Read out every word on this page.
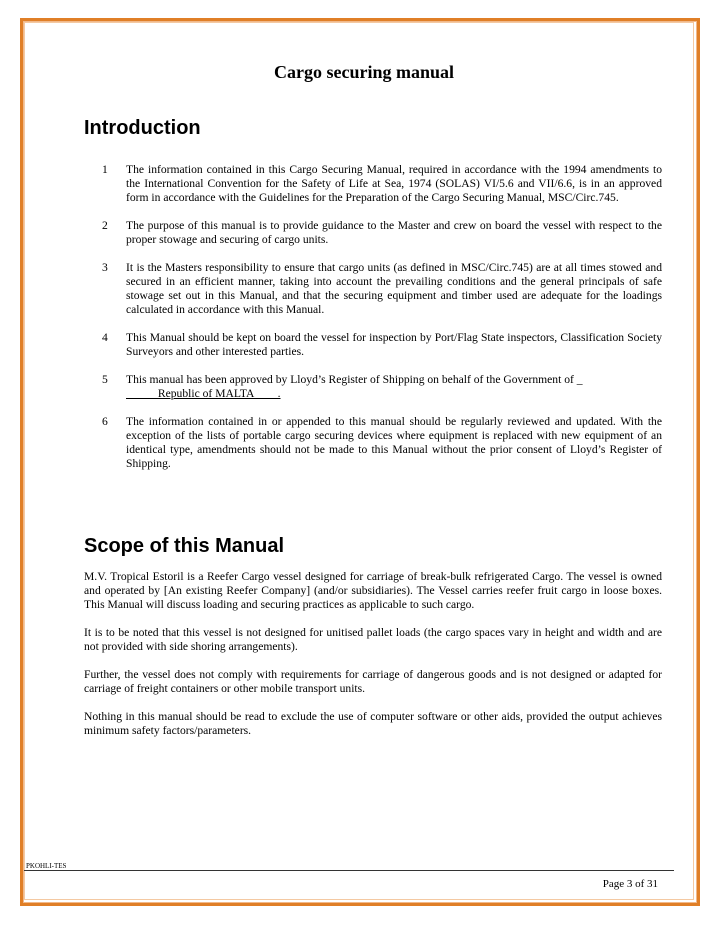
Cargo securing manual
Introduction
1	The information contained in this Cargo Securing Manual, required in accordance with the 1994 amendments to the International Convention for the Safety of Life at Sea, 1974 (SOLAS) VI/5.6 and VII/6.6, is in an approved form in accordance with the Guidelines for the Preparation of the Cargo Securing Manual, MSC/Circ.745.
2	The purpose of this manual is to provide guidance to the Master and crew on board the vessel with respect to the proper stowage and securing of cargo units.
3	It is the Masters responsibility to ensure that cargo units (as defined in MSC/Circ.745) are at all times stowed and secured in an efficient manner, taking into account the prevailing conditions and the general principals of safe stowage set out in this Manual, and that the securing equipment and timber used are adequate for the loadings calculated in accordance with this Manual.
4	This Manual should be kept on board the vessel for inspection by Port/Flag State inspectors, Classification Society Surveyors and other interested parties.
5	This manual has been approved by Lloyd’s Register of Shipping on behalf of the Government of _
Republic of MALTA        .
6	The information contained in or appended to this manual should be regularly reviewed and updated. With the exception of the lists of portable cargo securing devices where equipment is replaced with new equipment of an identical type, amendments should not be made to this Manual without the prior consent of Lloyd’s Register of Shipping.
Scope of this Manual

M.V. Tropical Estoril is a Reefer Cargo vessel designed for carriage of break-bulk refrigerated Cargo. The vessel is owned and operated by [An existing Reefer Company] (and/or subsidiaries). The Vessel carries reefer fruit cargo in loose boxes. This Manual will discuss loading and securing practices as applicable to such cargo.

It is to be noted that this vessel is not designed for unitised pallet loads (the cargo spaces vary in height and width and are not provided with side shoring arrangements).

Further, the vessel does not comply with requirements for carriage of dangerous goods and is not designed or adapted for carriage of freight containers or other mobile transport units.

Nothing in this manual should be read to exclude the use of computer software or other aids, provided the output achieves minimum safety factors/parameters.

PKOHLI-TES
Page 3 of 31
